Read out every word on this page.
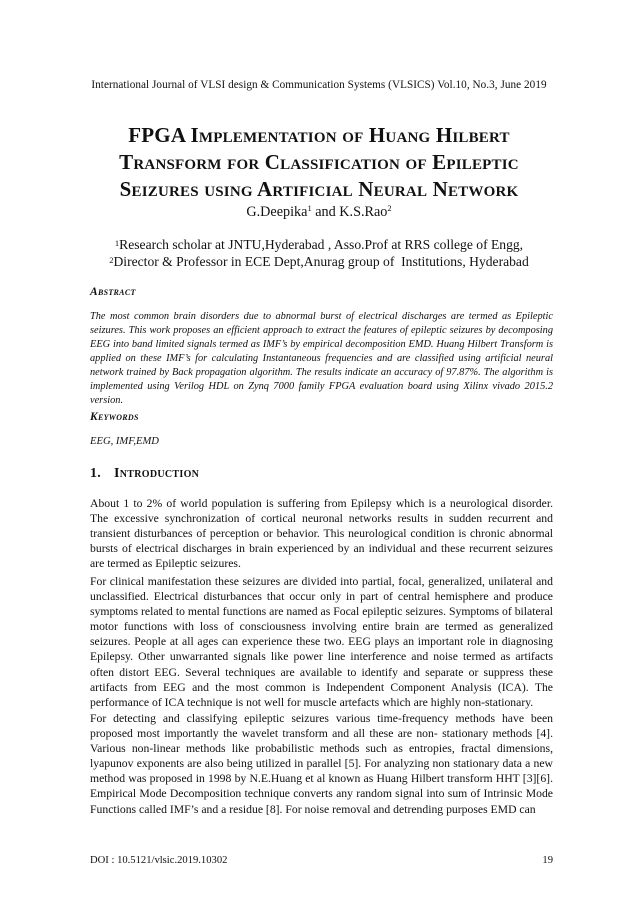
International Journal of VLSI design & Communication Systems (VLSICS) Vol.10, No.3, June 2019
FPGA Implementation of Huang Hilbert
Transform for Classification of Epileptic
Seizures using Artificial Neural Network
G.Deepika$^1$ and K.S.Rao$^2$
$^1$Research scholar at JNTU,Hyderabad , Asso.Prof at RRS college of Engg,
$^2$Director & Professor in ECE Dept,Anurag group of  Institutions, Hyderabad
Abstract
The most common brain disorders due to abnormal burst of electrical discharges are termed as Epileptic seizures. This work proposes an efficient approach to extract the features of epileptic seizures by decomposing EEG into band limited signals termed as IMF’s by empirical decomposition EMD. Huang Hilbert Transform is applied on these IMF’s for calculating Instantaneous frequencies and are classified using artificial neural network trained by Back propagation algorithm. The results indicate an accuracy of 97.87%. The algorithm is implemented using Verilog HDL on Zynq 7000 family FPGA evaluation board using Xilinx vivado 2015.2 version.
Keywords
EEG, IMF,EMD
1. Introduction

About 1 to 2% of world population is suffering from Epilepsy which is a neurological disorder. The excessive synchronization of cortical neuronal networks results in sudden recurrent and transient disturbances of perception or behavior. This neurological condition is chronic abnormal bursts of electrical discharges in brain experienced by an individual and these recurrent seizures are termed as Epileptic seizures.

For clinical manifestation these seizures are divided into partial, focal, generalized, unilateral and unclassified. Electrical disturbances that occur only in part of central hemisphere and produce symptoms related to mental functions are named as Focal epileptic seizures. Symptoms of bilateral motor functions with loss of consciousness involving entire brain are termed as generalized seizures. People at all ages can experience these two. EEG plays an important role in diagnosing Epilepsy. Other unwarranted signals like power line interference and noise termed as artifacts often distort EEG. Several techniques are available to identify and separate or suppress these artifacts from EEG and the most common is Independent Component Analysis (ICA). The performance of ICA technique is not well for muscle artefacts which are highly non-stationary.

For detecting and classifying epileptic seizures various time-frequency methods have been proposed most importantly the wavelet transform and all these are non- stationary methods [4]. Various non-linear methods like probabilistic methods such as entropies, fractal dimensions, lyapunov exponents are also being utilized in parallel [5]. For analyzing non stationary data a new method was proposed in 1998 by N.E.Huang et al known as Huang Hilbert transform HHT [3][6]. Empirical Mode Decomposition technique converts any random signal into sum of Intrinsic Mode Functions called IMF’s and a residue [8]. For noise removal and detrending purposes EMD can

DOI : 10.5121/vlsic.2019.10302	19
